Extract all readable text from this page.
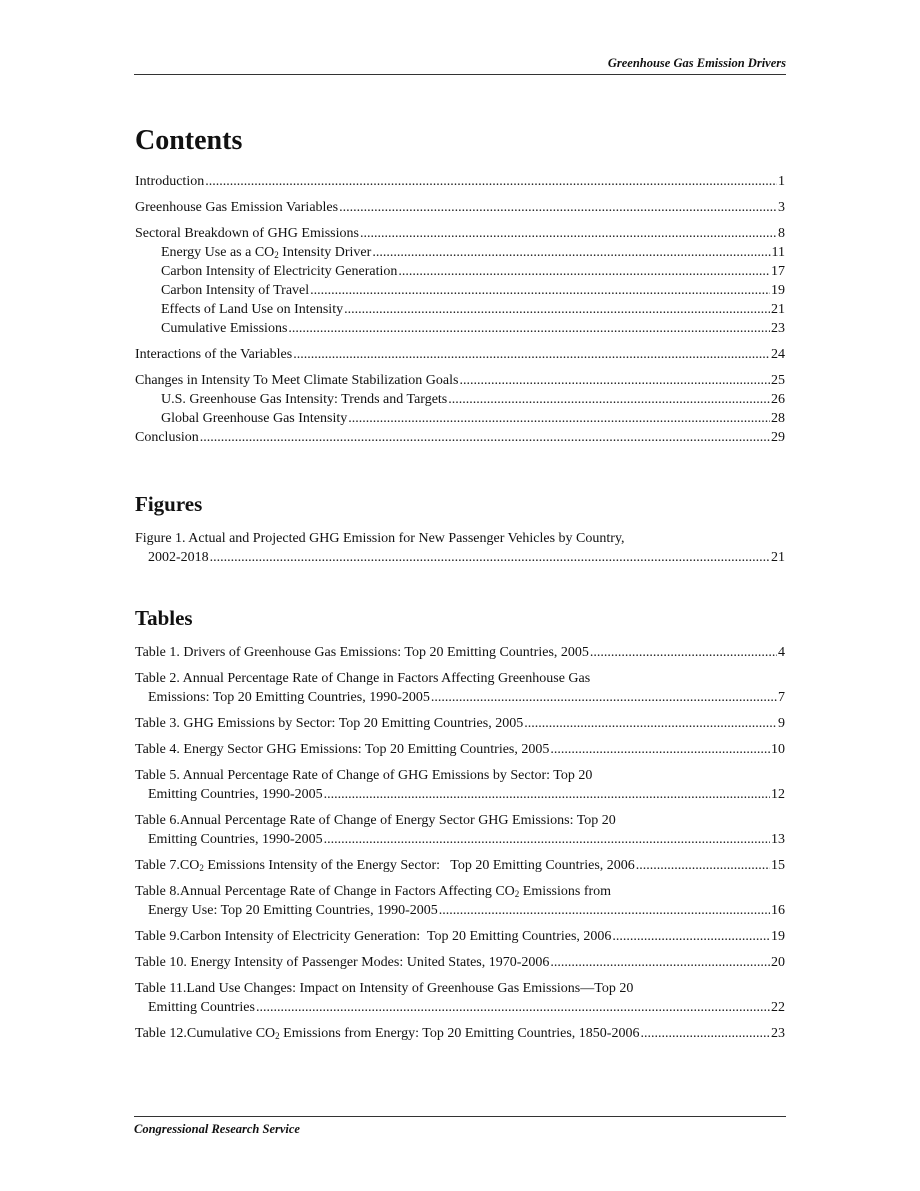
Greenhouse Gas Emission Drivers
Contents
Introduction .....	1
Greenhouse Gas Emission Variables .....	3
Sectoral Breakdown of GHG Emissions .....	8
Energy Use as a $CO_2$ Intensity Driver .....	11
Carbon Intensity of Electricity Generation .....	17
Carbon Intensity of Travel .....	19
Effects of Land Use on Intensity .....	21
Cumulative Emissions .....	23
Interactions of the Variables .....	24
Changes in Intensity To Meet Climate Stabilization Goals .....	25
U.S. Greenhouse Gas Intensity: Trends and Targets .....	26
Global Greenhouse Gas Intensity .....	28
Conclusion .....	29
Figures
Figure 1. Actual and Projected GHG Emission for New Passenger Vehicles by Country,
2002-2018 .....	21
Tables
Table 1. Drivers of Greenhouse Gas Emissions: Top 20 Emitting Countries, 2005 .....	4
Table 2. Annual Percentage Rate of Change in Factors Affecting Greenhouse Gas
Emissions: Top 20 Emitting Countries, 1990-2005 .....	7
Table 3. GHG Emissions by Sector: Top 20 Emitting Countries, 2005 .....	9
Table 4. Energy Sector GHG Emissions: Top 20 Emitting Countries, 2005 .....	10
Table 5. Annual Percentage Rate of Change of GHG Emissions by Sector: Top 20
Emitting Countries, 1990-2005 .....	12
Table 6.Annual Percentage Rate of Change of Energy Sector GHG Emissions: Top 20
Emitting Countries, 1990-2005 .....	13
Table $7.CO_2$ Emissions Intensity of the Energy Sector:   Top 20 Emitting Countries, 2006 .....	15
Table 8.Annual Percentage Rate of Change in Factors Affecting $CO_2$ Emissions from
Energy Use: Top 20 Emitting Countries, 1990-2005 .....	16
Table 9.Carbon Intensity of Electricity Generation:  Top 20 Emitting Countries, 2006 .....	19
Table 10. Energy Intensity of Passenger Modes: United States, 1970-2006 .....	20
Table 11.Land Use Changes: Impact on Intensity of Greenhouse Gas Emissions—Top 20
Emitting Countries .....	22
Table 12.Cumulative $CO_2$ Emissions from Energy: Top 20 Emitting Countries, 1850-2006 .....	23
Congressional Research Service
